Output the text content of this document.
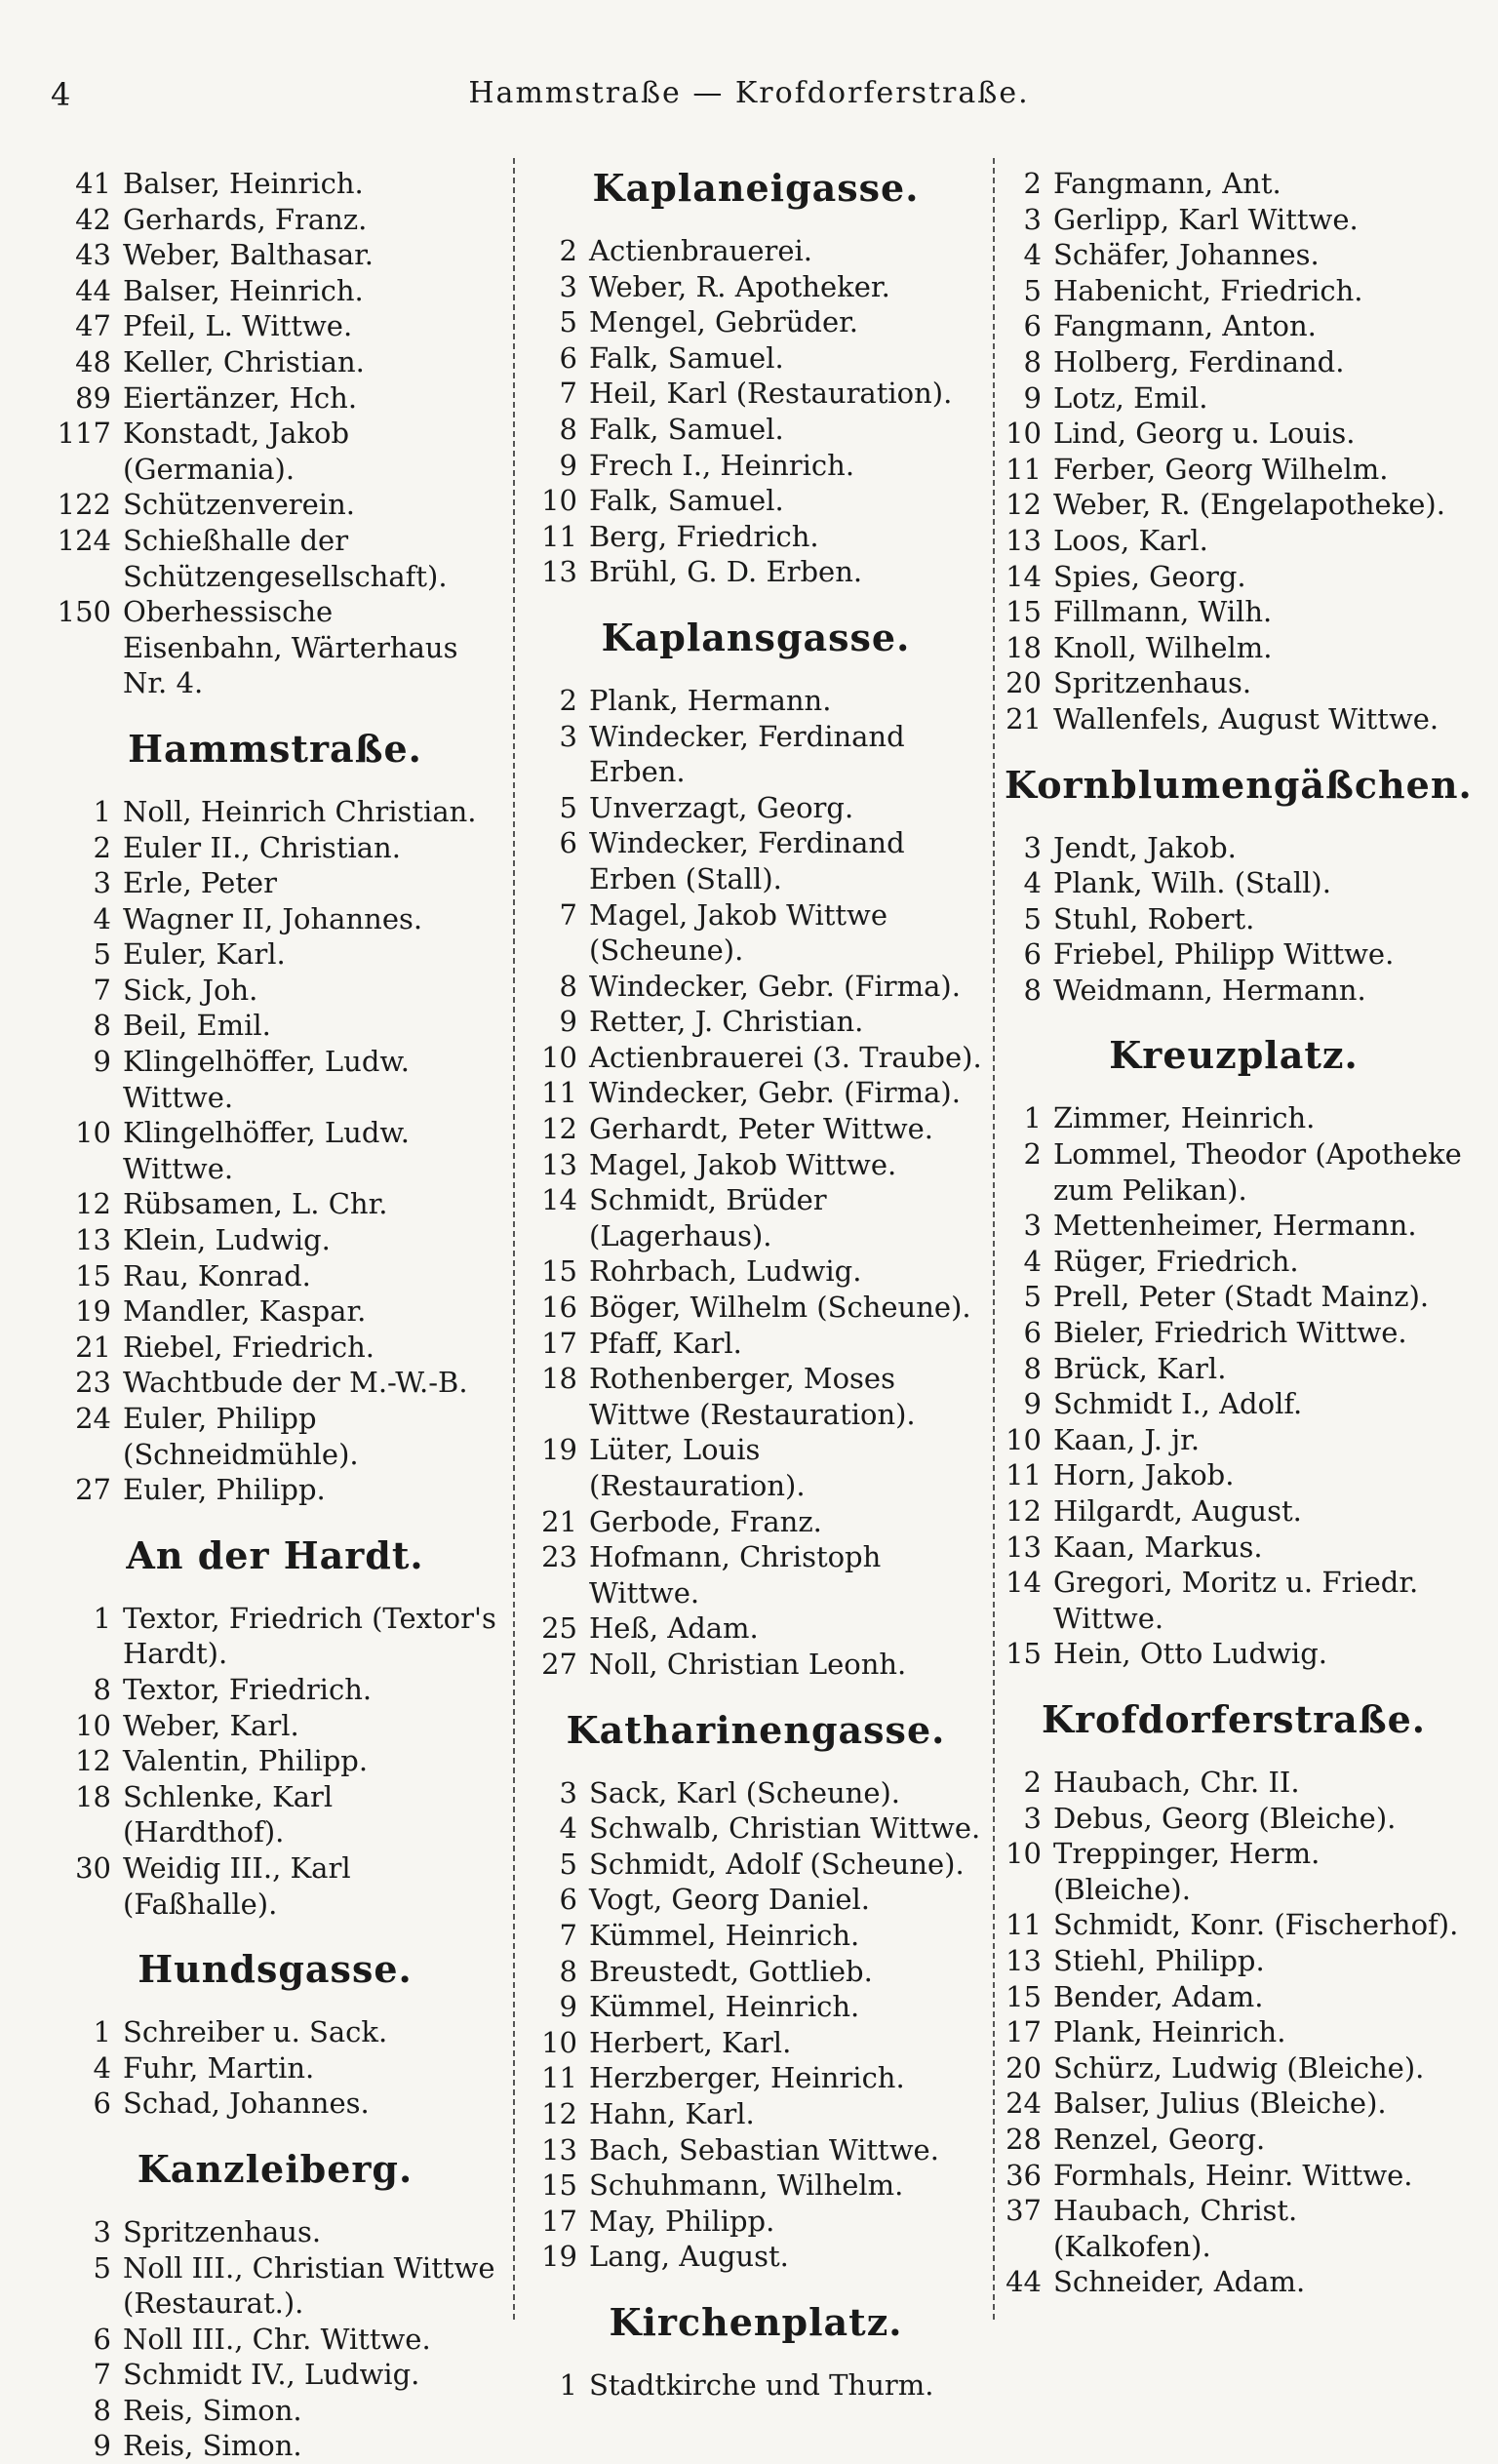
4	Hammstraße — Krofdorferstraße.
41 Balser, Heinrich.
42 Gerhards, Franz.
43 Weber, Balthasar.
44 Balser, Heinrich.
47 Pfeil, L. Wittwe.
48 Keller, Christian.
89 Eiertänzer, Hch.
117 Konstadt, Jakob (Germania).
122 Schützenverein.
124 Schießhalle der Schützengesellschaft).
150 Oberhessische Eisenbahn, Wärterhaus Nr. 4.
Hammstraße.
1 Noll, Heinrich Christian.
2 Euler II., Christian.
3 Erle, Peter
4 Wagner II, Johannes.
5 Euler, Karl.
7 Sick, Joh.
8 Beil, Emil.
9 Klingelhöffer, Ludw. Wittwe.
10 Klingelhöffer, Ludw. Wittwe.
12 Rübsamen, L. Chr.
13 Klein, Ludwig.
15 Rau, Konrad.
19 Mandler, Kaspar.
21 Riebel, Friedrich.
23 Wachtbude der M.-W.-B.
24 Euler, Philipp (Schneidmühle).
27 Euler, Philipp.
An der Hardt.
1 Textor, Friedrich (Textor's Hardt).
8 Textor, Friedrich.
10 Weber, Karl.
12 Valentin, Philipp.
18 Schlenke, Karl (Hardthof).
30 Weidig III., Karl (Faßhalle).
Hundsgasse.
1 Schreiber u. Sack.
4 Fuhr, Martin.
6 Schad, Johannes.
Kanzleiberg.
3 Spritzenhaus.
5 Noll III., Christian Wittwe (Restaurat.).
6 Noll III., Chr. Wittwe.
7 Schmidt IV., Ludwig.
8 Reis, Simon.
9 Reis, Simon.
Kaplaneigasse.
2 Actienbrauerei.
3 Weber, R. Apotheker.
5 Mengel, Gebrüder.
6 Falk, Samuel.
7 Heil, Karl (Restauration).
8 Falk, Samuel.
9 Frech I., Heinrich.
10 Falk, Samuel.
11 Berg, Friedrich.
13 Brühl, G. D. Erben.
Kaplansgasse.
2 Plank, Hermann.
3 Windecker, Ferdinand Erben.
5 Unverzagt, Georg.
6 Windecker, Ferdinand Erben (Stall).
7 Magel, Jakob Wittwe (Scheune).
8 Windecker, Gebr. (Firma).
9 Retter, J. Christian.
10 Actienbrauerei (3. Traube).
11 Windecker, Gebr. (Firma).
12 Gerhardt, Peter Wittwe.
13 Magel, Jakob Wittwe.
14 Schmidt, Brüder (Lagerhaus).
15 Rohrbach, Ludwig.
16 Böger, Wilhelm (Scheune).
17 Pfaff, Karl.
18 Rothenberger, Moses Wittwe (Restauration).
19 Lüter, Louis (Restauration).
21 Gerbode, Franz.
23 Hofmann, Christoph Wittwe.
25 Heß, Adam.
27 Noll, Christian Leonh.
Katharinengasse.
3 Sack, Karl (Scheune).
4 Schwalb, Christian Wittwe.
5 Schmidt, Adolf (Scheune).
6 Vogt, Georg Daniel.
7 Kümmel, Heinrich.
8 Breustedt, Gottlieb.
9 Kümmel, Heinrich.
10 Herbert, Karl.
11 Herzberger, Heinrich.
12 Hahn, Karl.
13 Bach, Sebastian Wittwe.
15 Schuhmann, Wilhelm.
17 May, Philipp.
19 Lang, August.
Kirchenplatz.
1 Stadtkirche und Thurm.
2 Fangmann, Ant.
3 Gerlipp, Karl Wittwe.
4 Schäfer, Johannes.
5 Habenicht, Friedrich.
6 Fangmann, Anton.
8 Holberg, Ferdinand.
9 Lotz, Emil.
10 Lind, Georg u. Louis.
11 Ferber, Georg Wilhelm.
12 Weber, R. (Engelapotheke).
13 Loos, Karl.
14 Spies, Georg.
15 Fillmann, Wilh.
18 Knoll, Wilhelm.
20 Spritzenhaus.
21 Wallenfels, August Wittwe.
Kornblumengäßchen.
3 Jendt, Jakob.
4 Plank, Wilh. (Stall).
5 Stuhl, Robert.
6 Friebel, Philipp Wittwe.
8 Weidmann, Hermann.
Kreuzplatz.
1 Zimmer, Heinrich.
2 Lommel, Theodor (Apotheke zum Pelikan).
3 Mettenheimer, Hermann.
4 Rüger, Friedrich.
5 Prell, Peter (Stadt Mainz).
6 Bieler, Friedrich Wittwe.
8 Brück, Karl.
9 Schmidt I., Adolf.
10 Kaan, J. jr.
11 Horn, Jakob.
12 Hilgardt, August.
13 Kaan, Markus.
14 Gregori, Moritz u. Friedr. Wittwe.
15 Hein, Otto Ludwig.
Krofdorferstraße.
2 Haubach, Chr. II.
3 Debus, Georg (Bleiche).
10 Treppinger, Herm. (Bleiche).
11 Schmidt, Konr. (Fischerhof).
13 Stiehl, Philipp.
15 Bender, Adam.
17 Plank, Heinrich.
20 Schürz, Ludwig (Bleiche).
24 Balser, Julius (Bleiche).
28 Renzel, Georg.
36 Formhals, Heinr. Wittwe.
37 Haubach, Christ. (Kalkofen).
44 Schneider, Adam.
